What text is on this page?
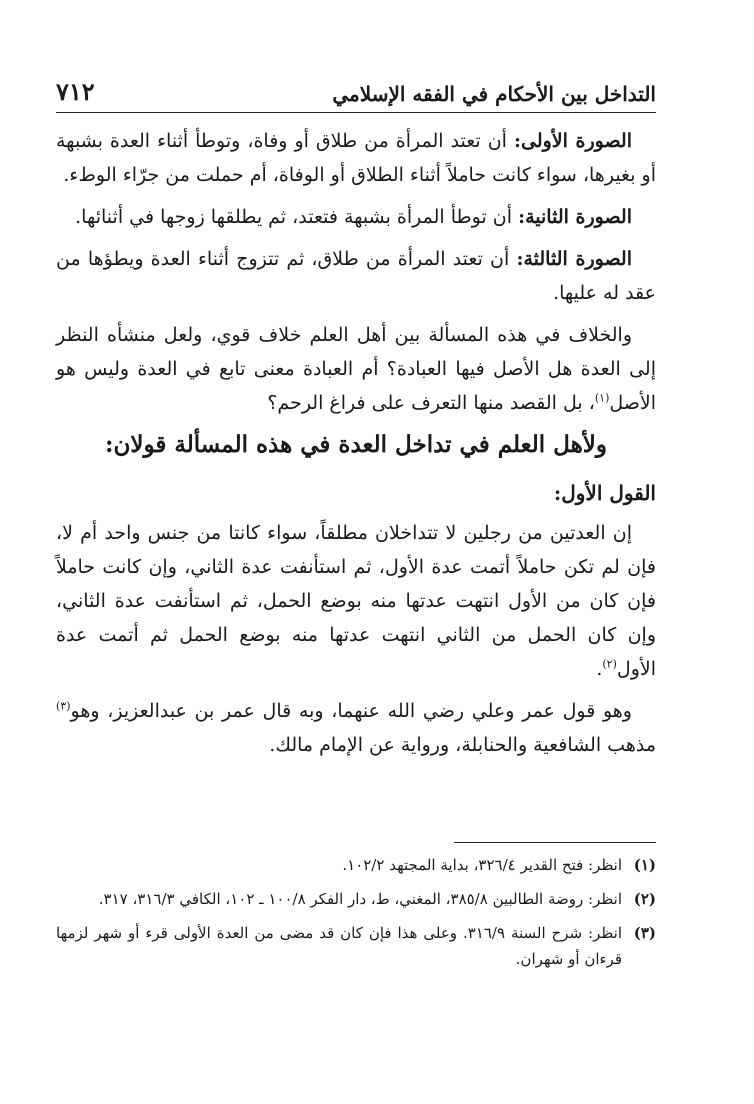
التداخل بين الأحكام في الفقه الإسلامي
٧١٢

الصورة الأولى: أن تعتد المرأة من طلاق أو وفاة، وتوطأ أثناء العدة بشبهة أو بغيرها، سواء كانت حاملاً أثناء الطلاق أو الوفاة، أم حملت من جرّاء الوطء.

الصورة الثانية: أن توطأ المرأة بشبهة فتعتد، ثم يطلقها زوجها في أثنائها.

الصورة الثالثة: أن تعتد المرأة من طلاق، ثم تتزوج أثناء العدة ويطؤها من عقد له عليها.

والخلاف في هذه المسألة بين أهل العلم خلاف قوي، ولعل منشأه النظر إلى العدة هل الأصل فيها العبادة؟ أم العبادة معنى تابع في العدة وليس هو الأصل$^{(١)}$، بل القصد منها التعرف على فراغ الرحم؟

ولأهل العلم في تداخل العدة في هذه المسألة قولان:
القول الأول:

إن العدتين من رجلين لا تتداخلان مطلقاً، سواء كانتا من جنس واحد أم لا، فإن لم تكن حاملاً أتمت عدة الأول، ثم استأنفت عدة الثاني، وإن كانت حاملاً فإن كان من الأول انتهت عدتها منه بوضع الحمل، ثم استأنفت عدة الثاني، وإن كان الحمل من الثاني انتهت عدتها منه بوضع الحمل ثم أتمت عدة الأول$^{(٢)}$.

وهو قول عمر وعلي رضي الله عنهما، وبه قال عمر بن عبدالعزيز، وهو$^{(٣)}$ مذهب الشافعية والحنابلة، ورواية عن الإمام مالك.

(١)
انظر: فتح القدير ٣٢٦/٤، بداية المجتهد ١٠٢/٢.
(٢)
انظر: روضة الطالبين ٣٨٥/٨، المغني، ط، دار الفكر ١٠٠/٨ ـ ١٠٢، الكافي ٣١٦/٣، ٣١٧.
(٣)
انظر: شرح السنة ٣١٦/٩. وعلى هذا فإن كان قد مضى من العدة الأولى قرء أو شهر لزمها قرءان أو شهران.
